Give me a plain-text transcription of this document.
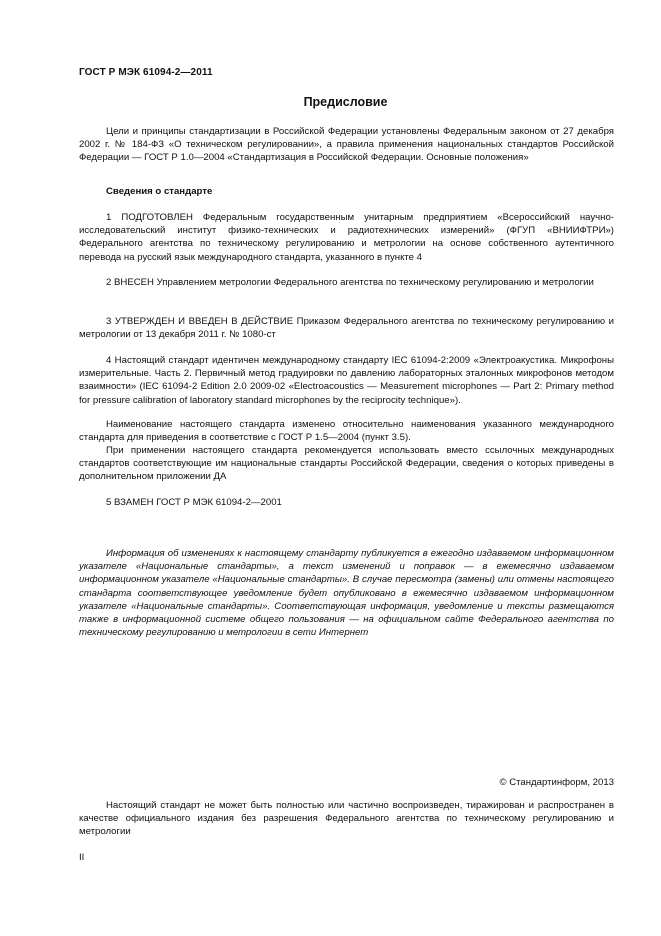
ГОСТ Р МЭК 61094-2—2011
Предисловие

Цели и принципы стандартизации в Российской Федерации установлены Федеральным законом от 27 декабря 2002 г. № 184-ФЗ «О техническом регулировании», а правила применения национальных стандартов Российской Федерации — ГОСТ Р 1.0—2004 «Стандартизация в Российской Федерации. Основные положения»

Сведения о стандарте

1 ПОДГОТОВЛЕН Федеральным государственным унитарным предприятием «Всероссийский научно-исследовательский институт физико-технических и радиотехнических измерений» (ФГУП «ВНИИФТРИ») Федерального агентства по техническому регулированию и метрологии на основе собственного аутентичного перевода на русский язык международного стандарта, указанного в пункте 4

2 ВНЕСЕН Управлением метрологии Федерального агентства по техническому регулированию и метрологии

3 УТВЕРЖДЕН И ВВЕДЕН В ДЕЙСТВИЕ Приказом Федерального агентства по техническому регулированию и метрологии от 13 декабря 2011 г. № 1080-ст

4 Настоящий стандарт идентичен международному стандарту IEC 61094-2:2009 «Электроакустика. Микрофоны измерительные. Часть 2. Первичный метод градуировки по давлению лабораторных эталонных микрофонов методом взаимности» (IEC 61094-2 Edition 2.0 2009-02 «Electroacoustics — Measurement microphones — Part 2: Primary method for pressure calibration of laboratory standard microphones by the reciprocity technique»).

Наименование настоящего стандарта изменено относительно наименования указанного международного стандарта для приведения в соответствие с ГОСТ Р 1.5—2004 (пункт 3.5).

При применении настоящего стандарта рекомендуется использовать вместо ссылочных международных стандартов соответствующие им национальные стандарты Российской Федерации, сведения о которых приведены в дополнительном приложении ДА

5 ВЗАМЕН ГОСТ Р МЭК 61094-2—2001

Информация об изменениях к настоящему стандарту публикуется в ежегодно издаваемом информационном указателе «Национальные стандарты», а текст изменений и поправок — в ежемесячно издаваемом информационном указателе «Национальные стандарты». В случае пересмотра (замены) или отмены настоящего стандарта соответствующее уведомление будет опубликовано в ежемесячно издаваемом информационном указателе «Национальные стандарты». Соответствующая информация, уведомление и тексты размещаются также в информационной системе общего пользования — на официальном сайте Федерального агентства по техническому регулированию и метрологии в сети Интернет

© Стандартинформ, 2013

Настоящий стандарт не может быть полностью или частично воспроизведен, тиражирован и распространен в качестве официального издания без разрешения Федерального агентства по техническому регулированию и метрологии

II
